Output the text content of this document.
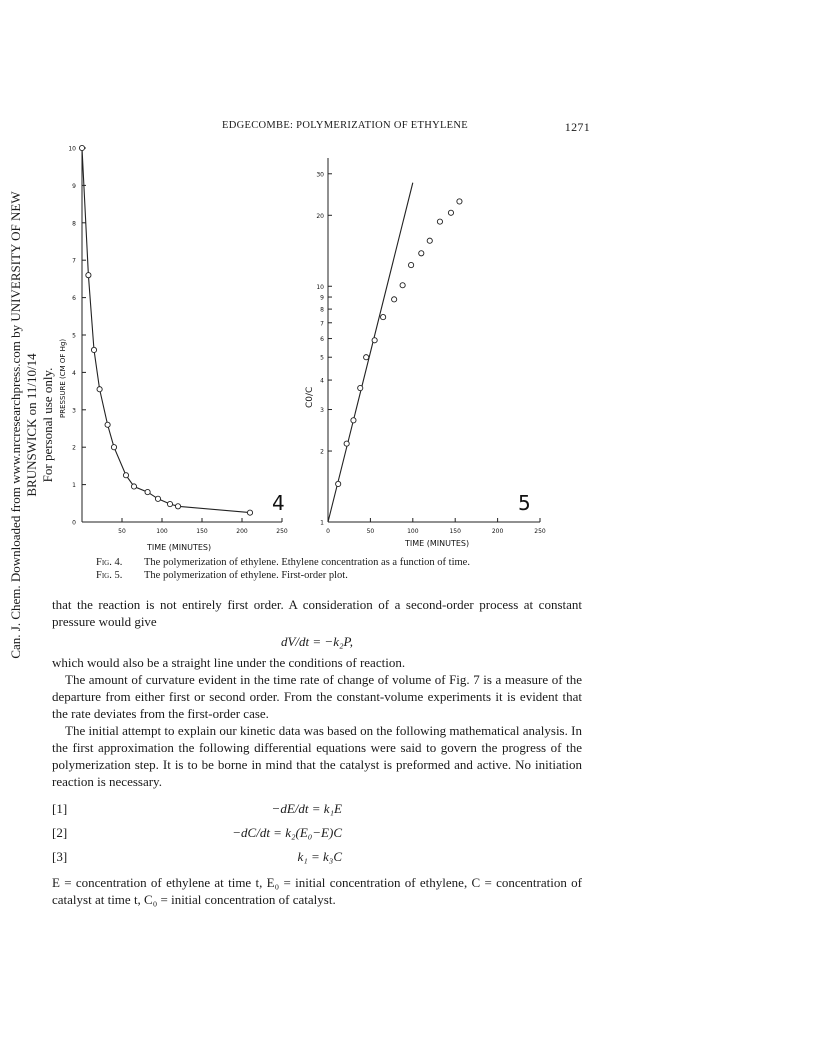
Can. J. Chem. Downloaded from www.nrcresearchpress.com by UNIVERSITY OF NEW BRUNSWICK on 11/10/14 For personal use only.
EDGECOMBE: POLYMERIZATION OF ETHYLENE	1271
0
1
2
3
4
5
6
7
8
9
10
50	100	150	200	250
4
TIME (MINUTES)
PRESSURE (CM OF Hg)
1
2
3
4
5
6
7
8
9
10
20
30
0	50	100	150	200	250
5
TIME (MINUTES)
C0/C
Fig. 4.	The polymerization of ethylene. Ethylene concentration as a function of time.
Fig. 5.	The polymerization of ethylene. First-order plot.

that the reaction is not entirely first order. A consideration of a second-order process at constant pressure would give

dV/dt = −k₂P,

which would also be a straight line under the conditions of reaction.

The amount of curvature evident in the time rate of change of volume of Fig. 7 is a measure of the departure from either first or second order. From the constant-volume experiments it is evident that the rate deviates from the first-order case.

The initial attempt to explain our kinetic data was based on the following mathematical analysis. In the first approximation the following differential equations were said to govern the progress of the polymerization step. It is to be borne in mind that the catalyst is preformed and active. No initiation reaction is necessary.

[1]	−dE/dt = k₁E
[2]	−dC/dt = k₂(E₀−E)C
[3]	k₁ = k₃C

E = concentration of ethylene at time t, E₀ = initial concentration of ethylene, C = concentration of catalyst at time t, C₀ = initial concentration of catalyst.
